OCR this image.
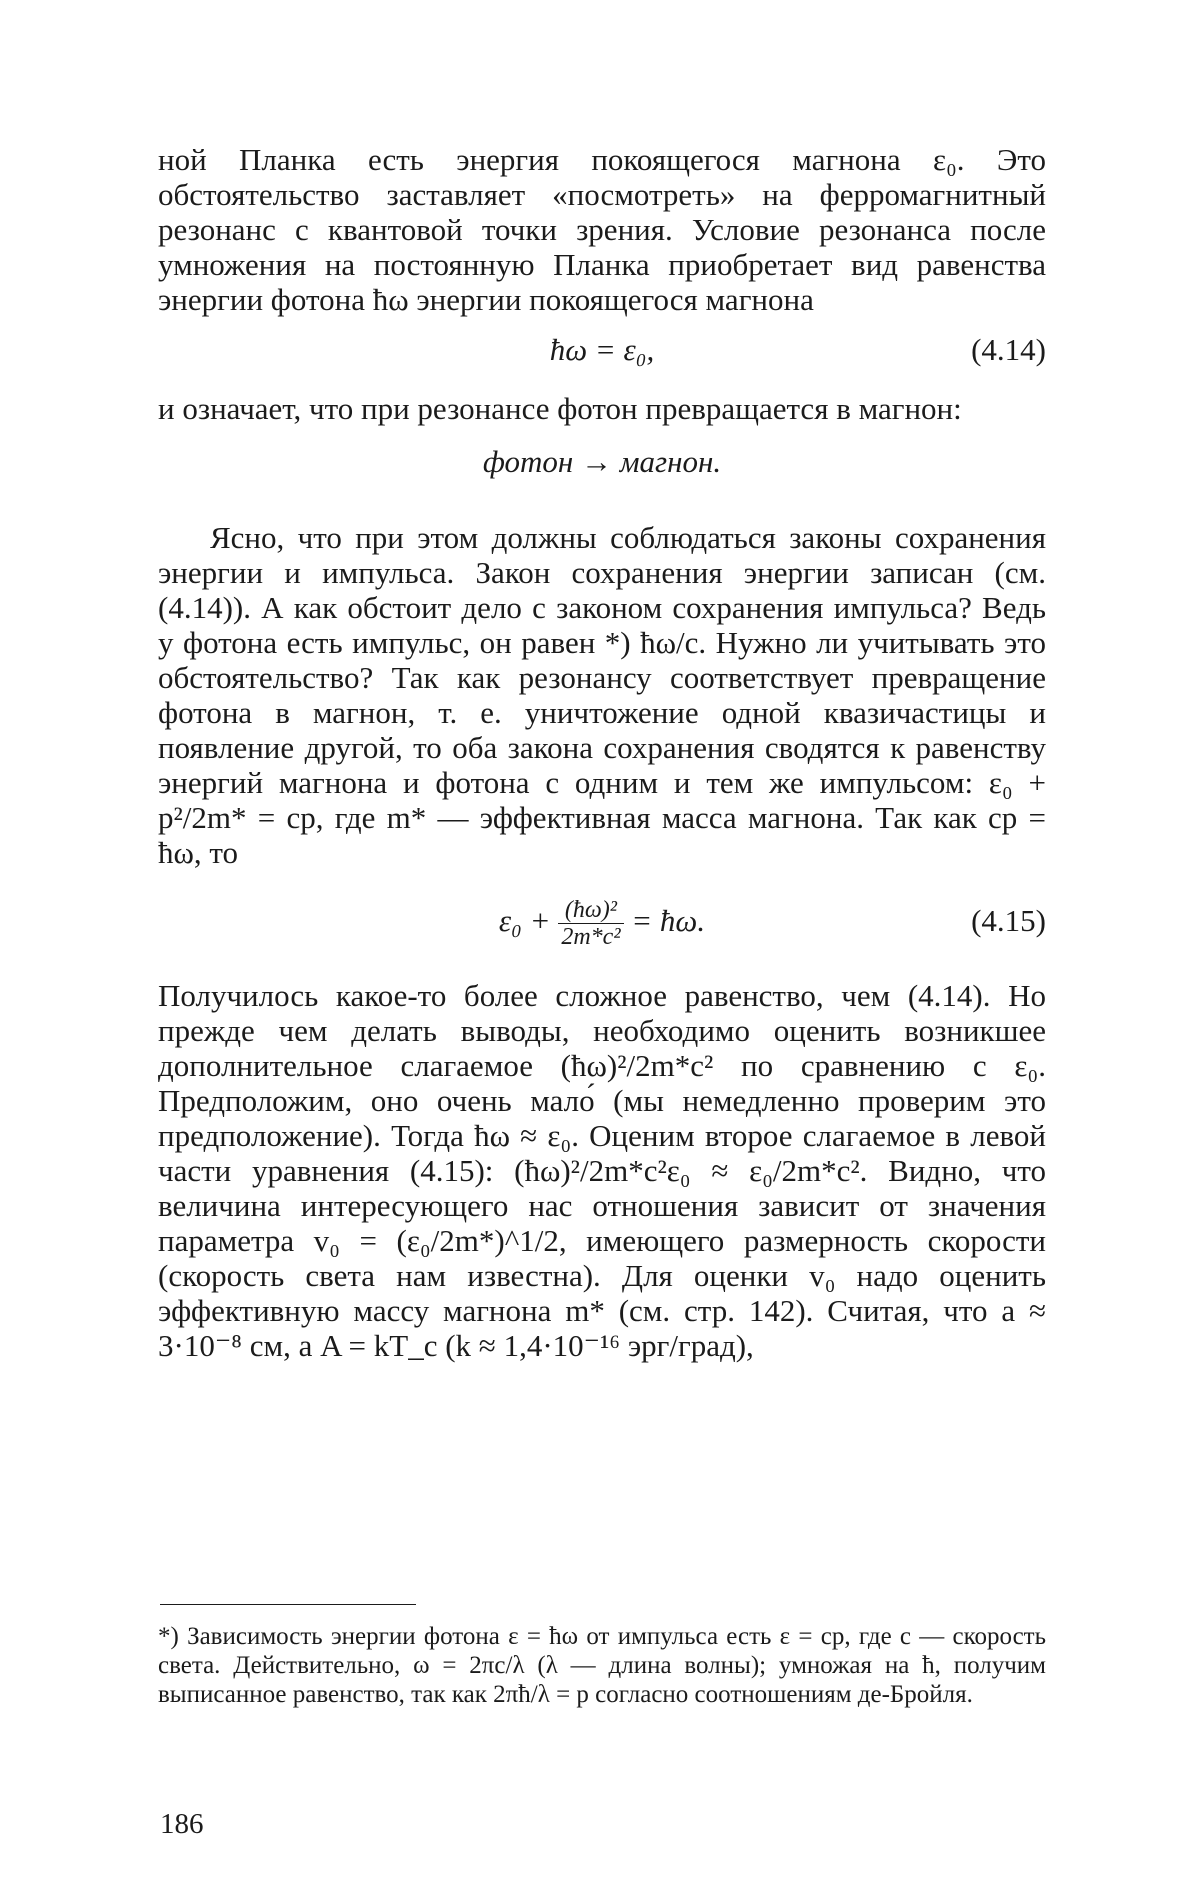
ной Планка есть энергия покоящегося магнона ε₀. Это обстоятельство заставляет «посмотреть» на ферромагнитный резонанс с квантовой точки зрения. Условие резонанса после умножения на постоянную Планка приобретает вид равенства энергии фотона ħω энергии покоящегося магнона

ħω = ε₀,	(4.14)

и означает, что при резонансе фотон превращается в магнон:

фотон → магнон.

Ясно, что при этом должны соблюдаться законы сохранения энергии и импульса. Закон сохранения энергии записан (см. (4.14)). А как обстоит дело с законом сохранения импульса? Ведь у фотона есть импульс, он равен *) ħω/c. Нужно ли учитывать это обстоятельство? Так как резонансу соответствует превращение фотона в магнон, т. е. уничтожение одной квазичастицы и появление другой, то оба закона сохранения сводятся к равенству энергий магнона и фотона с одним и тем же импульсом: ε₀ + p²/2m* = cp, где m* — эффективная масса магнона. Так как cp = ħω, то

$\varepsilon_0 + \frac{\text{(ħω)²}}{\text{2m*c²}}$ = ħω.	(4.15)

Получилось какое-то более сложное равенство, чем (4.14). Но прежде чем делать выводы, необходимо оценить возникшее дополнительное слагаемое (ħω)²/2m*c² по сравнению с ε₀. Предположим, оно очень мало́ (мы немедленно проверим это предположение). Тогда ħω ≈ ε₀. Оценим второе слагаемое в левой части уравнения (4.15): (ħω)²/2m*c²ε₀ ≈ ε₀/2m*c². Видно, что величина интересующего нас отношения зависит от значения параметра v₀ = (ε₀/2m*)^1/2, имеющего размерность скорости (скорость света нам известна). Для оценки v₀ надо оценить эффективную массу магнона m* (см. стр. 142). Считая, что a ≈ 3·10⁻⁸ см, а A = kT_c (k ≈ 1,4·10⁻¹⁶ эрг/град),

*) Зависимость энергии фотона ε = ħω от импульса есть ε = cp, где c — скорость света. Действительно, ω = 2πc/λ (λ — длина волны); умножая на ħ, получим выписанное равенство, так как 2πħ/λ = p согласно соотношениям де-Бройля.

186
